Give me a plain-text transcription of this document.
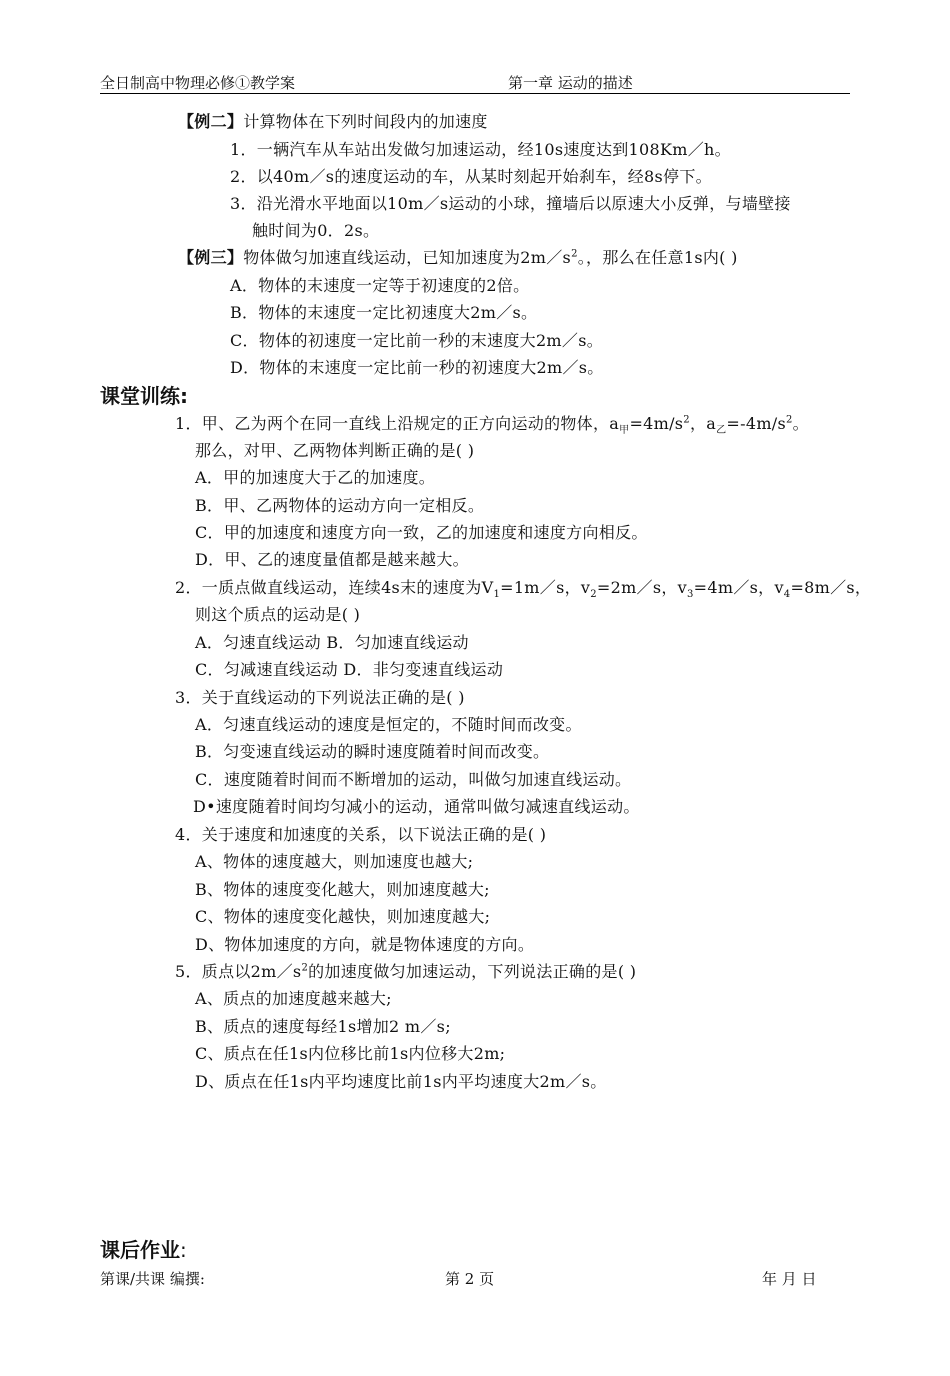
全日制高中物理必修①教学案	第一章 运动的描述
【例二】计算物体在下列时间段内的加速度
1．一辆汽车从车站出发做匀加速运动，经10s速度达到108Km／h。
2．以40m／s的速度运动的车，从某时刻起开始刹车，经8s停下。
3．沿光滑水平地面以10m／s运动的小球，撞墙后以原速大小反弹，与墙壁接
触时间为0．2s。
【例三】物体做匀加速直线运动，已知加速度为$2m/s^2$。，那么在任意1s内( )
A．物体的末速度一定等于初速度的2倍。
B．物体的末速度一定比初速度大2m／s。
C．物体的初速度一定比前一秒的末速度大2m／s。
D．物体的末速度一定比前一秒的初速度大2m／s。
课堂训练:
1．甲、乙为两个在同一直线上沿规定的正方向运动的物体，$a_甲=4m/s^2$，$a_乙=-4m/s^2$。
那么，对甲、乙两物体判断正确的是( )
A．甲的加速度大于乙的加速度。
B．甲、乙两物体的运动方向一定相反。
C．甲的加速度和速度方向一致，乙的加速度和速度方向相反。
D．甲、乙的速度量值都是越来越大。
2．一质点做直线运动，连续4s末的速度为$V_1=1m/s$，$v_2=2m/s$，$v_3=4m/s$，$v_4=8m/s$，
则这个质点的运动是( )
A．匀速直线运动 B．匀加速直线运动
C．匀减速直线运动 D．非匀变速直线运动
3．关于直线运动的下列说法正确的是( )
A．匀速直线运动的速度是恒定的，不随时间而改变。
B．匀变速直线运动的瞬时速度随着时间而改变。
C．速度随着时间而不断增加的运动，叫做匀加速直线运动。
D•速度随着时间均匀减小的运动，通常叫做匀减速直线运动。
4．关于速度和加速度的关系，以下说法正确的是( )
A、物体的速度越大，则加速度也越大;
B、物体的速度变化越大，则加速度越大;
C、物体的速度变化越快，则加速度越大;
D、物体加速度的方向，就是物体速度的方向。
5．质点以$2m/s^2$的加速度做匀加速运动，下列说法正确的是( )
A、质点的加速度越来越大;
B、质点的速度每经1s增加2 m／s;
C、质点在任1s内位移比前1s内位移大2m;
D、质点在任1s内平均速度比前1s内平均速度大2m／s。
课后作业:
第课/共课 编撰:	第 2 页	年 月 日
